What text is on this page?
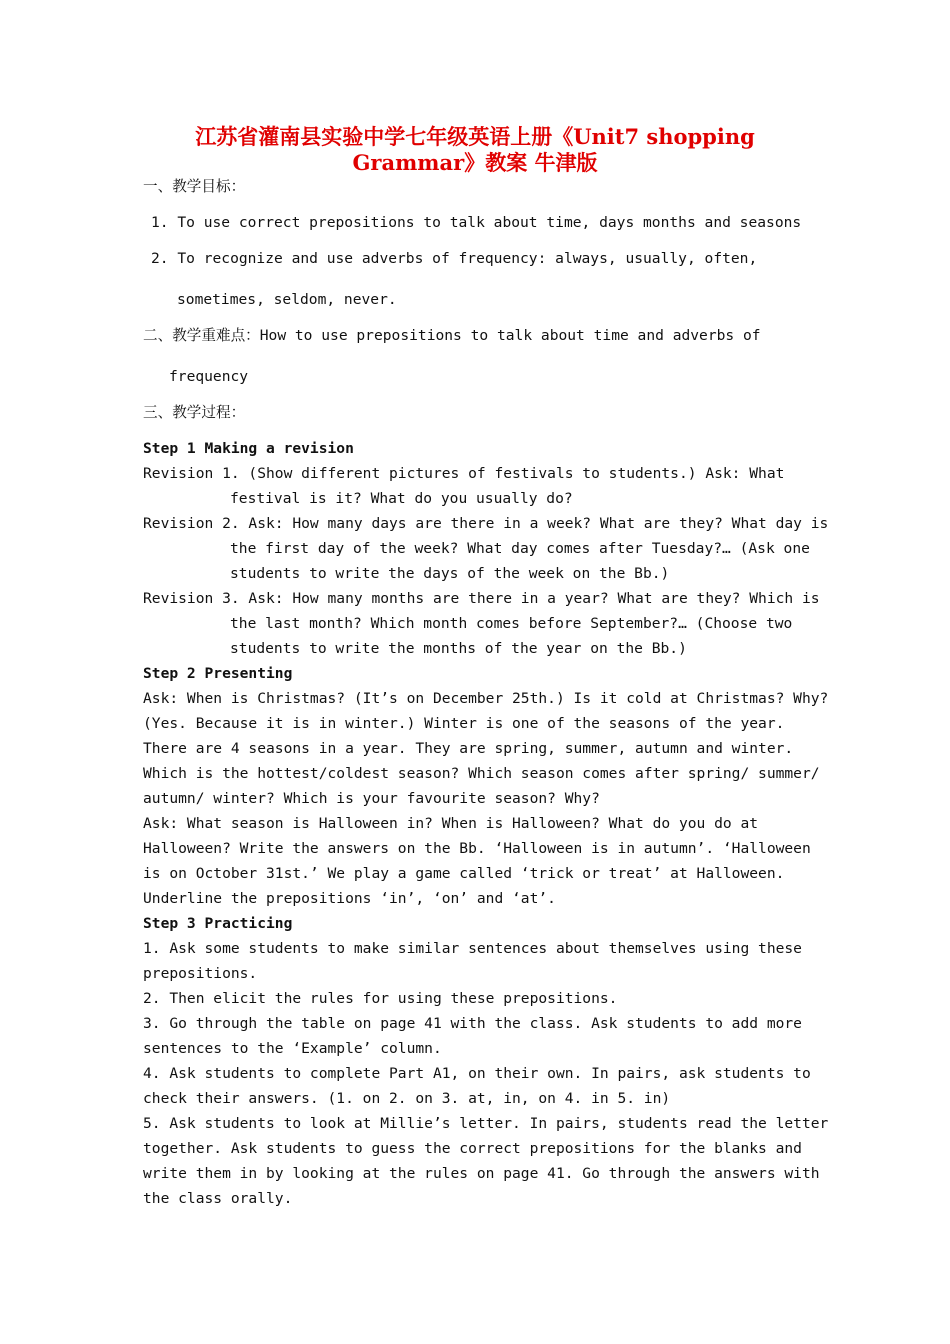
江苏省灌南县实验中学七年级英语上册《Unit7 shopping
Grammar》教案 牛津版
一、教学目标：
1. To use correct prepositions to talk about time, days months and seasons
2. To recognize and use adverbs of frequency: always, usually, often,
sometimes, seldom, never.
二、教学重难点：How to use prepositions to talk about time and adverbs of
frequency
三、教学过程：
Step 1 Making a revision
Revision 1. (Show different pictures of festivals to students.) Ask: What
festival is it? What do you usually do?
Revision 2. Ask: How many days are there in a week? What are they? What day is
the first day of the week? What day comes after Tuesday?… (Ask one
students to write the days of the week on the Bb.)
Revision 3. Ask: How many months are there in a year? What are they? Which is
the last month? Which month comes before September?… (Choose two
students to write the months of the year on the Bb.)
Step 2 Presenting
Ask: When is Christmas? (It’s on December 25th.) Is it cold at Christmas? Why?
(Yes. Because it is in winter.) Winter is one of the seasons of the year.
There are 4 seasons in a year. They are spring, summer, autumn and winter.
Which is the hottest/coldest season? Which season comes after spring/ summer/
autumn/ winter? Which is your favourite season? Why?
Ask: What season is Halloween in? When is Halloween? What do you do at
Halloween? Write the answers on the Bb. ‘Halloween is in autumn’. ‘Halloween
is on October 31st.’ We play a game called ‘trick or treat’ at Halloween.
Underline the prepositions ‘in’, ‘on’ and ‘at’.
Step 3 Practicing
1. Ask some students to make similar sentences about themselves using these
prepositions.
2. Then elicit the rules for using these prepositions.
3. Go through the table on page 41 with the class. Ask students to add more
sentences to the ‘Example’ column.
4. Ask students to complete Part A1, on their own. In pairs, ask students to
check their answers. (1. on 2. on 3. at, in, on 4. in 5. in)
5. Ask students to look at Millie’s letter. In pairs, students read the letter
together. Ask students to guess the correct prepositions for the blanks and
write them in by looking at the rules on page 41. Go through the answers with
the class orally.
